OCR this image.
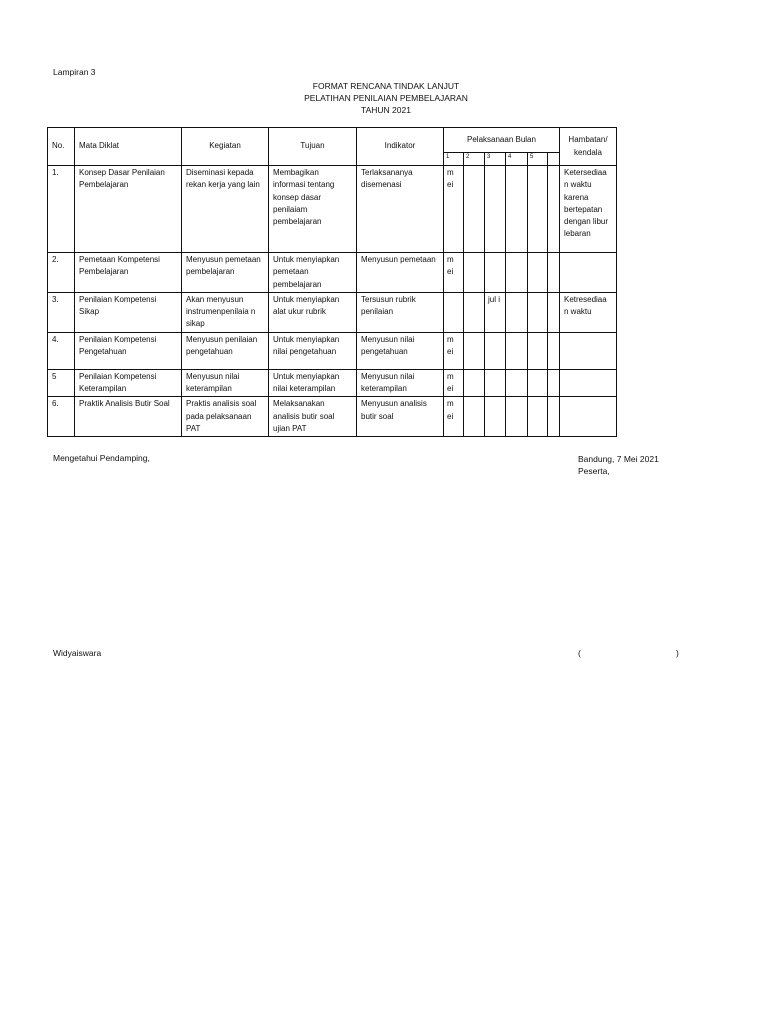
Lampiran 3
FORMAT RENCANA TINDAK LANJUT
PELATIHAN PENILAIAN PEMBELAJARAN
TAHUN 2021
No.	Mata Diklat	Kegiatan	Tujuan	Indikator	Pelaksanaan Bulan						Hambatan/ kendala
					1	2	3	4	5		
1.	Konsep Dasar Penilaian Pembelajaran	Diseminasi kepada rekan kerja yang lain	Membagikan informasi tentang konsep dasar penilaiam pembelajaran	Terlaksananya disemenasi	m ei						Ketersediaa n waktu karena bertepatan dengan libur lebaran
2.	Pemetaan Kompetensi Pembelajaran	Menyusun pemetaan pembelajaran	Untuk menyiapkan pemetaan pembelajaran	Menyusun pemetaan	m ei						
3.	Penilaian Kompetensi Sikap	Akan menyusun instrumenpenilaia n sikap	Untuk menyiapkan alat ukur rubrik	Tersusun rubrik penilaian			jul i				Ketresediaa n waktu
4.	Penilaian Kompetensi Pengetahuan	Menyusun penilaian pengetahuan	Untuk menyiapkan nilai pengetahuan	Menyusun nilai pengetahuan	m ei						
5	Penilaian Kompetensi Keterampilan	Menyusun nilai keterampilan	Untuk menyiapkan nilai keterampilan	Menyusun nilai keterampilan	m ei						
6.	Praktik Analisis Butir Soal	Praktis analisis soal pada pelaksanaan PAT	Melaksanakan analisis butir soal ujian PAT	Menyusun analisis butir soal	m ei						
Mengetahui Pendamping,	Bandung, 7 Mei 2021
Peserta,
Widyaiswara	(	)
